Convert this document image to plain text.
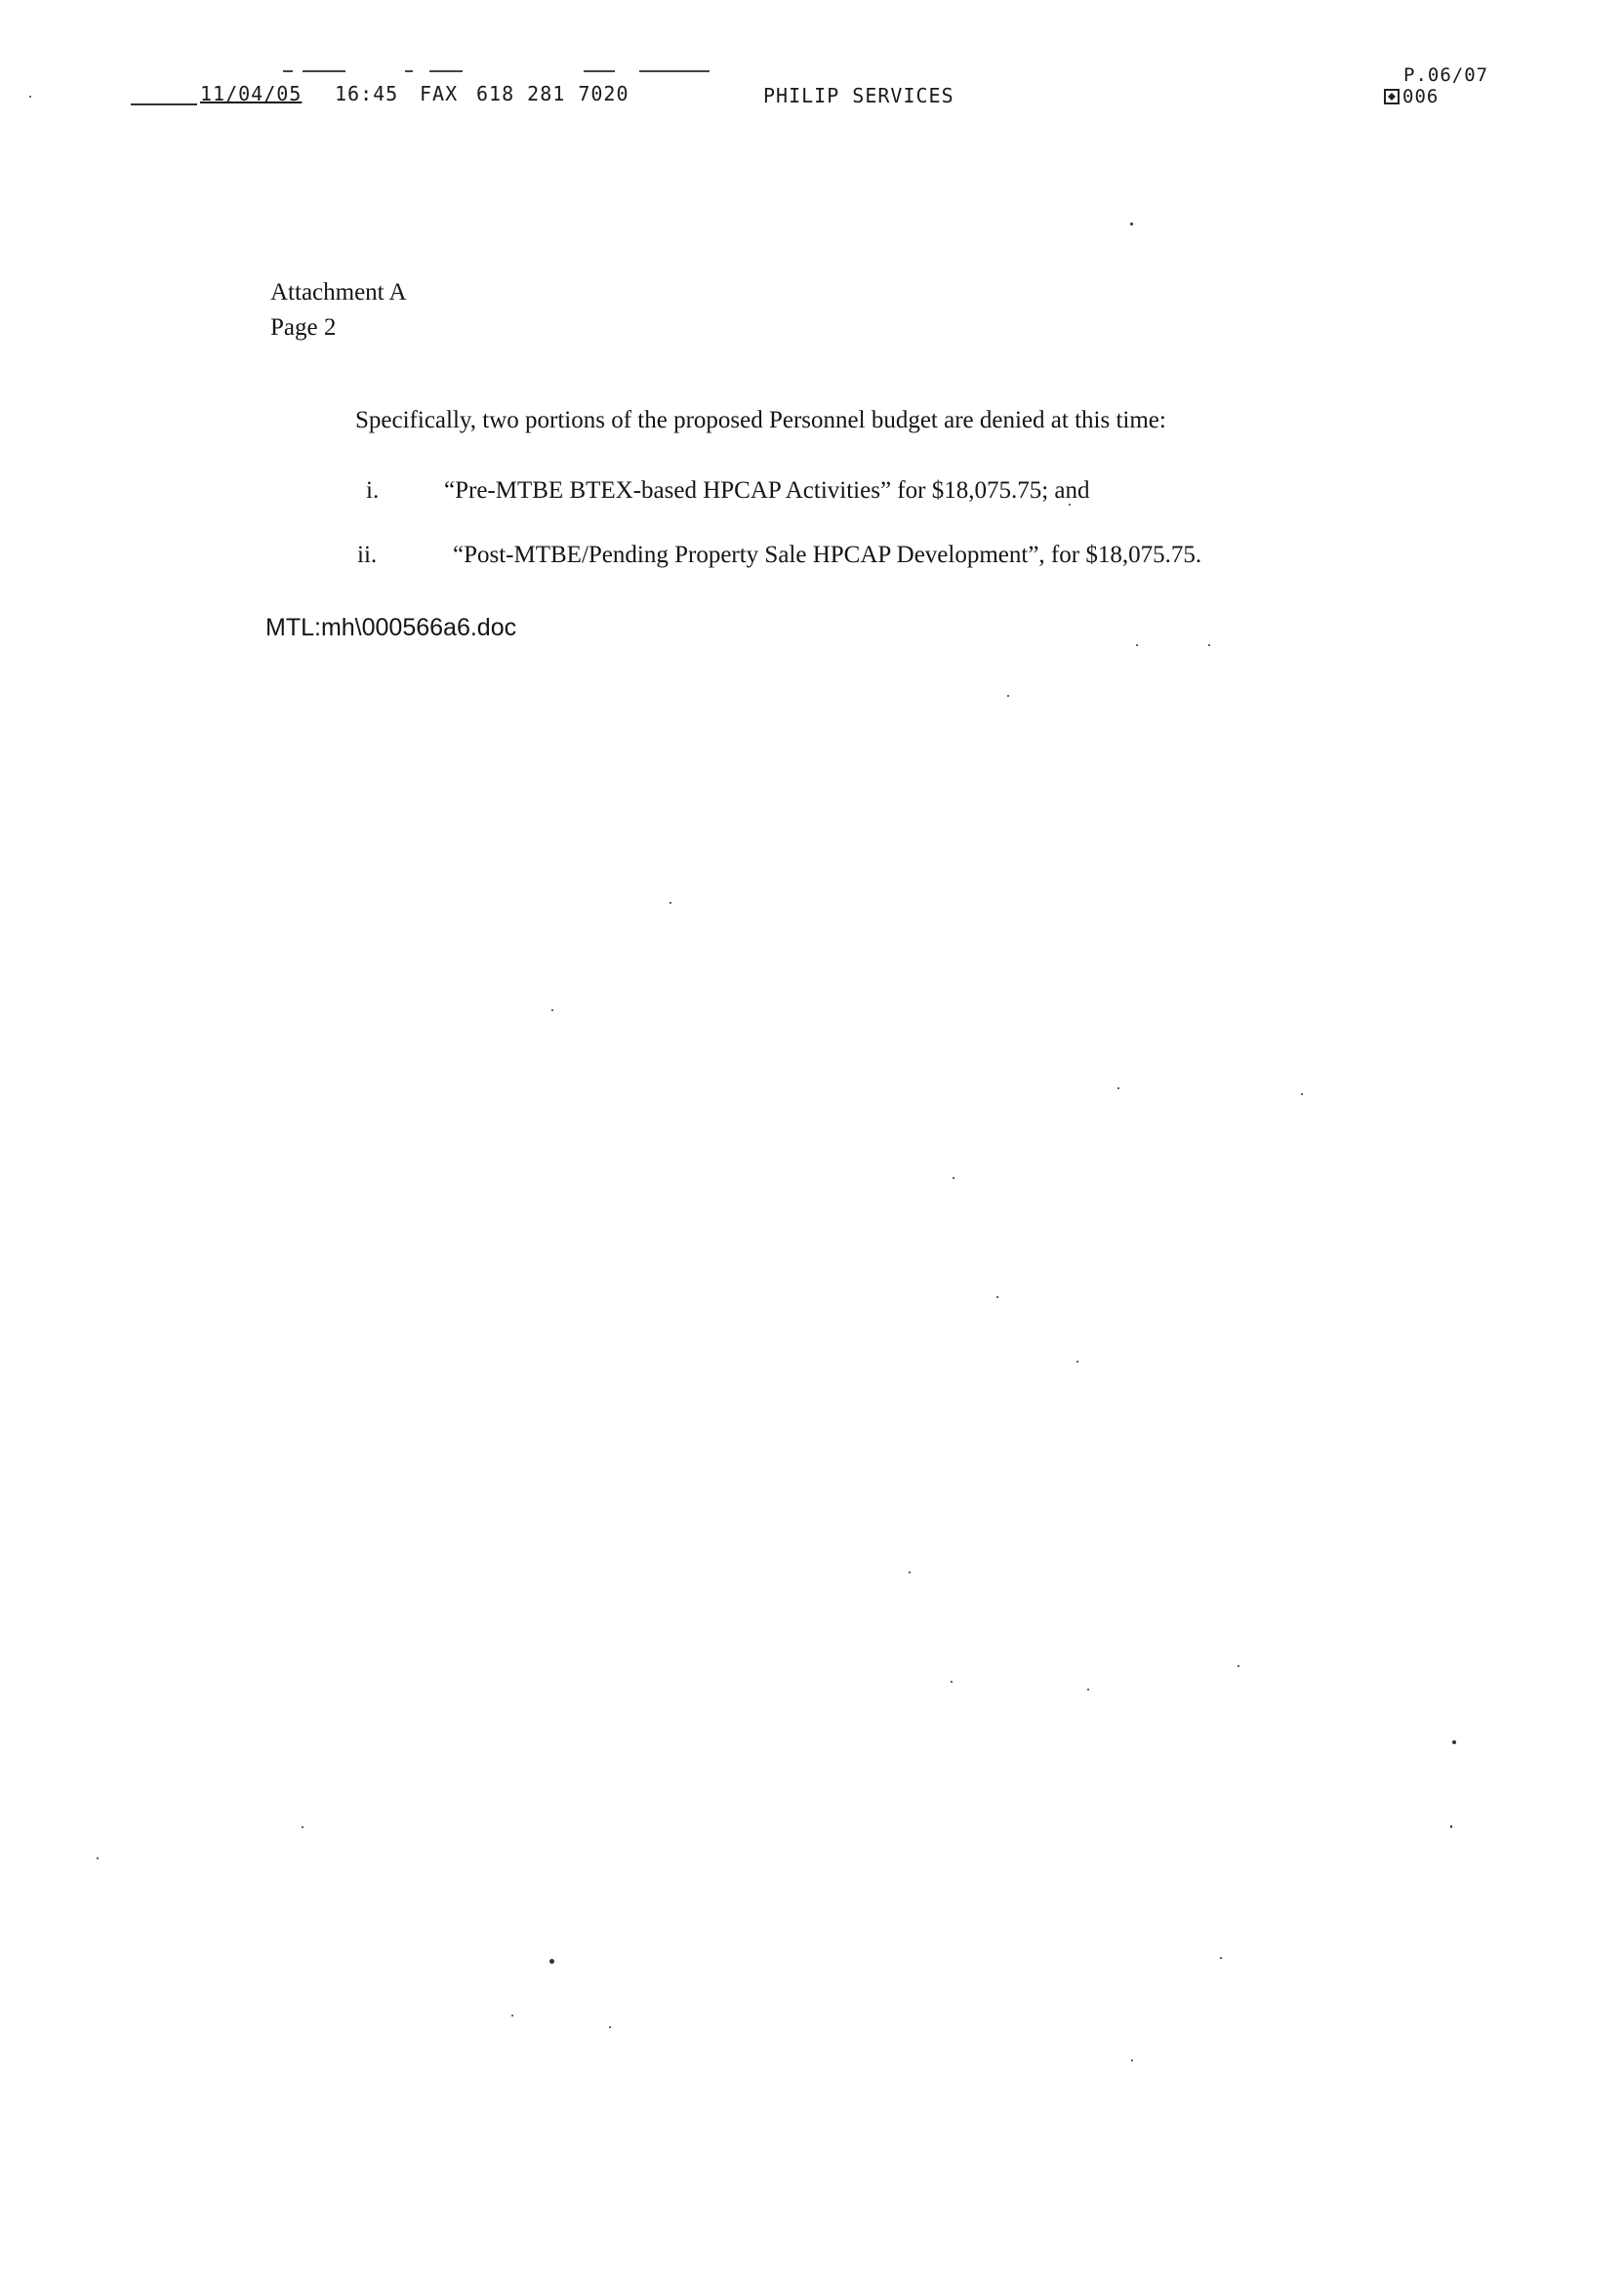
11/04/05 16:45 FAX 618 281 7020	PHILIP SERVICES
P.06/07
006
Attachment A

Page 2

Specifically, two portions of the proposed Personnel budget are denied at this time:

i.	“Pre-MTBE BTEX-based HPCAP Activities” for $18,075.75; and
ii.	“Post-MTBE/Pending Property Sale HPCAP Development”, for $18,075.75.

MTL:mh\000566a6.doc
